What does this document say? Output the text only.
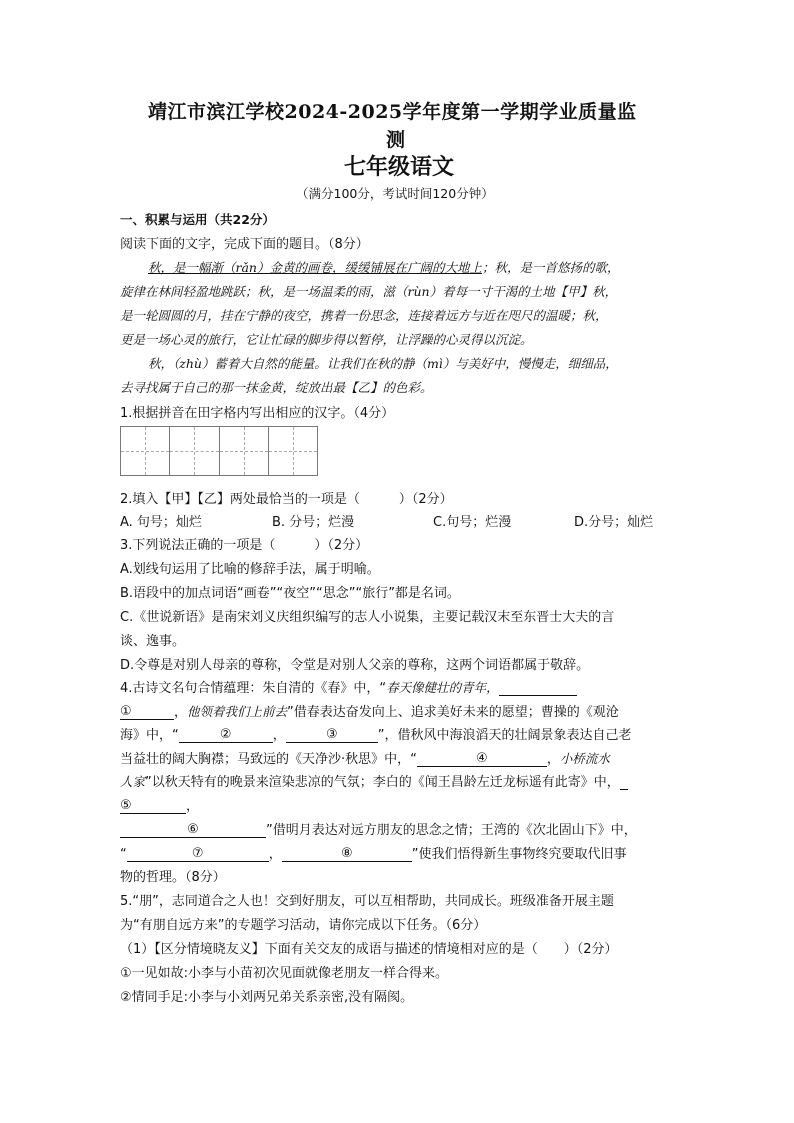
靖江市滨江学校2024-2025学年度第一学期学业质量监
测
七年级语文
（满分100分，考试时间120分钟）
一、积累与运用（共22分）
阅读下面的文字，完成下面的题目。（8分）
秋，是一幅渐（rǎn）金黄的画卷，缓缓铺展在广阔的大地上；秋，是一首悠扬的歌，
旋律在林间轻盈地跳跃；秋，是一场温柔的雨，滋（rùn）着每一寸干渴的土地【甲】秋，
是一轮圆圆的月，挂在宁静的夜空，携着一份思念，连接着远方与近在咫尺的温暖；秋，
更是一场心灵的旅行，它让忙碌的脚步得以暂停，让浮躁的心灵得以沉淀。
秋，（zhù）蓄着大自然的能量。让我们在秋的静（mì）与美好中，慢慢走，细细品，
去寻找属于自己的那一抹金黄，绽放出最【乙】的色彩。
1.根据拼音在田字格内写出相应的汉字。（4分）
2.填入【甲】【乙】两处最恰当的一项是（　　　）（2分）
A. 句号；灿烂	B. 分号；烂漫	C.句号；烂漫	D.分号；灿烂
3.下列说法正确的一项是（　　　）（2分）
A.划线句运用了比喻的修辞手法，属于明喻。
B.语段中的加点词语“画卷”“夜空”“思念”“旅行”都是名词。
C.《世说新语》是南宋刘义庆组织编写的志人小说集，主要记载汉末至东晋士大夫的言
谈、逸事。
D.令尊是对别人母亲的尊称，令堂是对别人父亲的尊称，这两个词语都属于敬辞。
4.古诗文名句合情蕴理：朱自清的《春》中，“春天像健壮的青年，
①	，他领着我们上前去”借春表达奋发向上、追求美好未来的愿望；曹操的《观沧
海》中，“	②	，	③	”，借秋风中海浪滔天的壮阔景象表达自己老
当益壮的阔大胸襟；马致远的《天净沙·秋思》中，“	④	，小桥流水
人家”以秋天特有的晚景来渲染悲凉的气氛；李白的《闻王昌龄左迁龙标遥有此寄》中，
⑤	，
⑥	”借明月表达对远方朋友的思念之情；王湾的《次北固山下》中，
“	⑦	，	⑧	”使我们悟得新生事物终究要取代旧事
物的哲理。（8分）
5.“朋”，志同道合之人也！交到好朋友，可以互相帮助，共同成长。班级准备开展主题
为“有朋自远方来”的专题学习活动，请你完成以下任务。（6分）
（1）【区分情境晓友义】下面有关交友的成语与描述的情境相对应的是（　　）（2分）
①一见如故:小李与小苗初次见面就像老朋友一样合得来。
②情同手足:小李与小刘两兄弟关系亲密,没有隔阂。
